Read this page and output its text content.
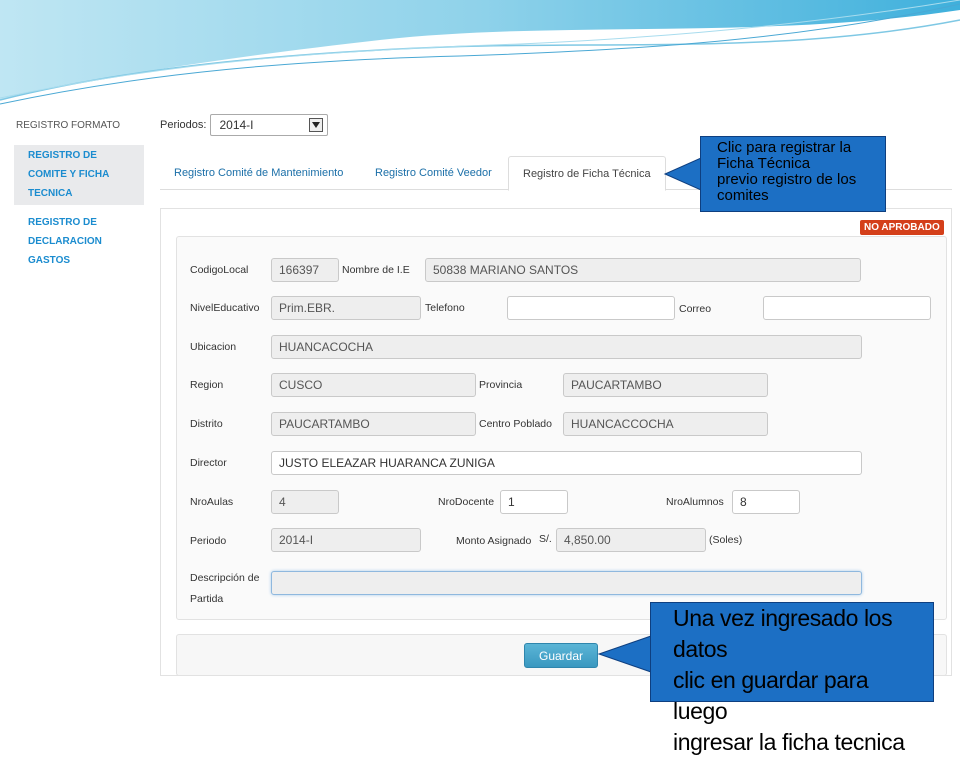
REGISTRO FORMATO
REGISTRO DE
COMITE Y FICHA
TECNICA
REGISTRO DE
DECLARACION
GASTOS
Periodos: 2014-I
Registro Comité de Mantenimiento	Registro Comité Veedor	Registro de Ficha Técnica
NO APROBADO
CodigoLocal	166397	Nombre de I.E	50838 MARIANO SANTOS
NivelEducativo	Prim.EBR.	Telefono	Correo
Ubicacion	HUANCACOCHA
Region	CUSCO	Provincia	PAUCARTAMBO
Distrito	PAUCARTAMBO	Centro Poblado	HUANCACCOCHA
Director	JUSTO ELEAZAR HUARANCA ZUNIGA
NroAulas	4	NroDocente	1	NroAlumnos	8
Periodo	2014-I	Monto Asignado S/.	4,850.00	(Soles)
Descripción de
Partida
Guardar
Clic para registrar la
Ficha Técnica
previo registro de los
comites
Una vez ingresado los datos
clic en guardar para luego
ingresar la ficha tecnica
